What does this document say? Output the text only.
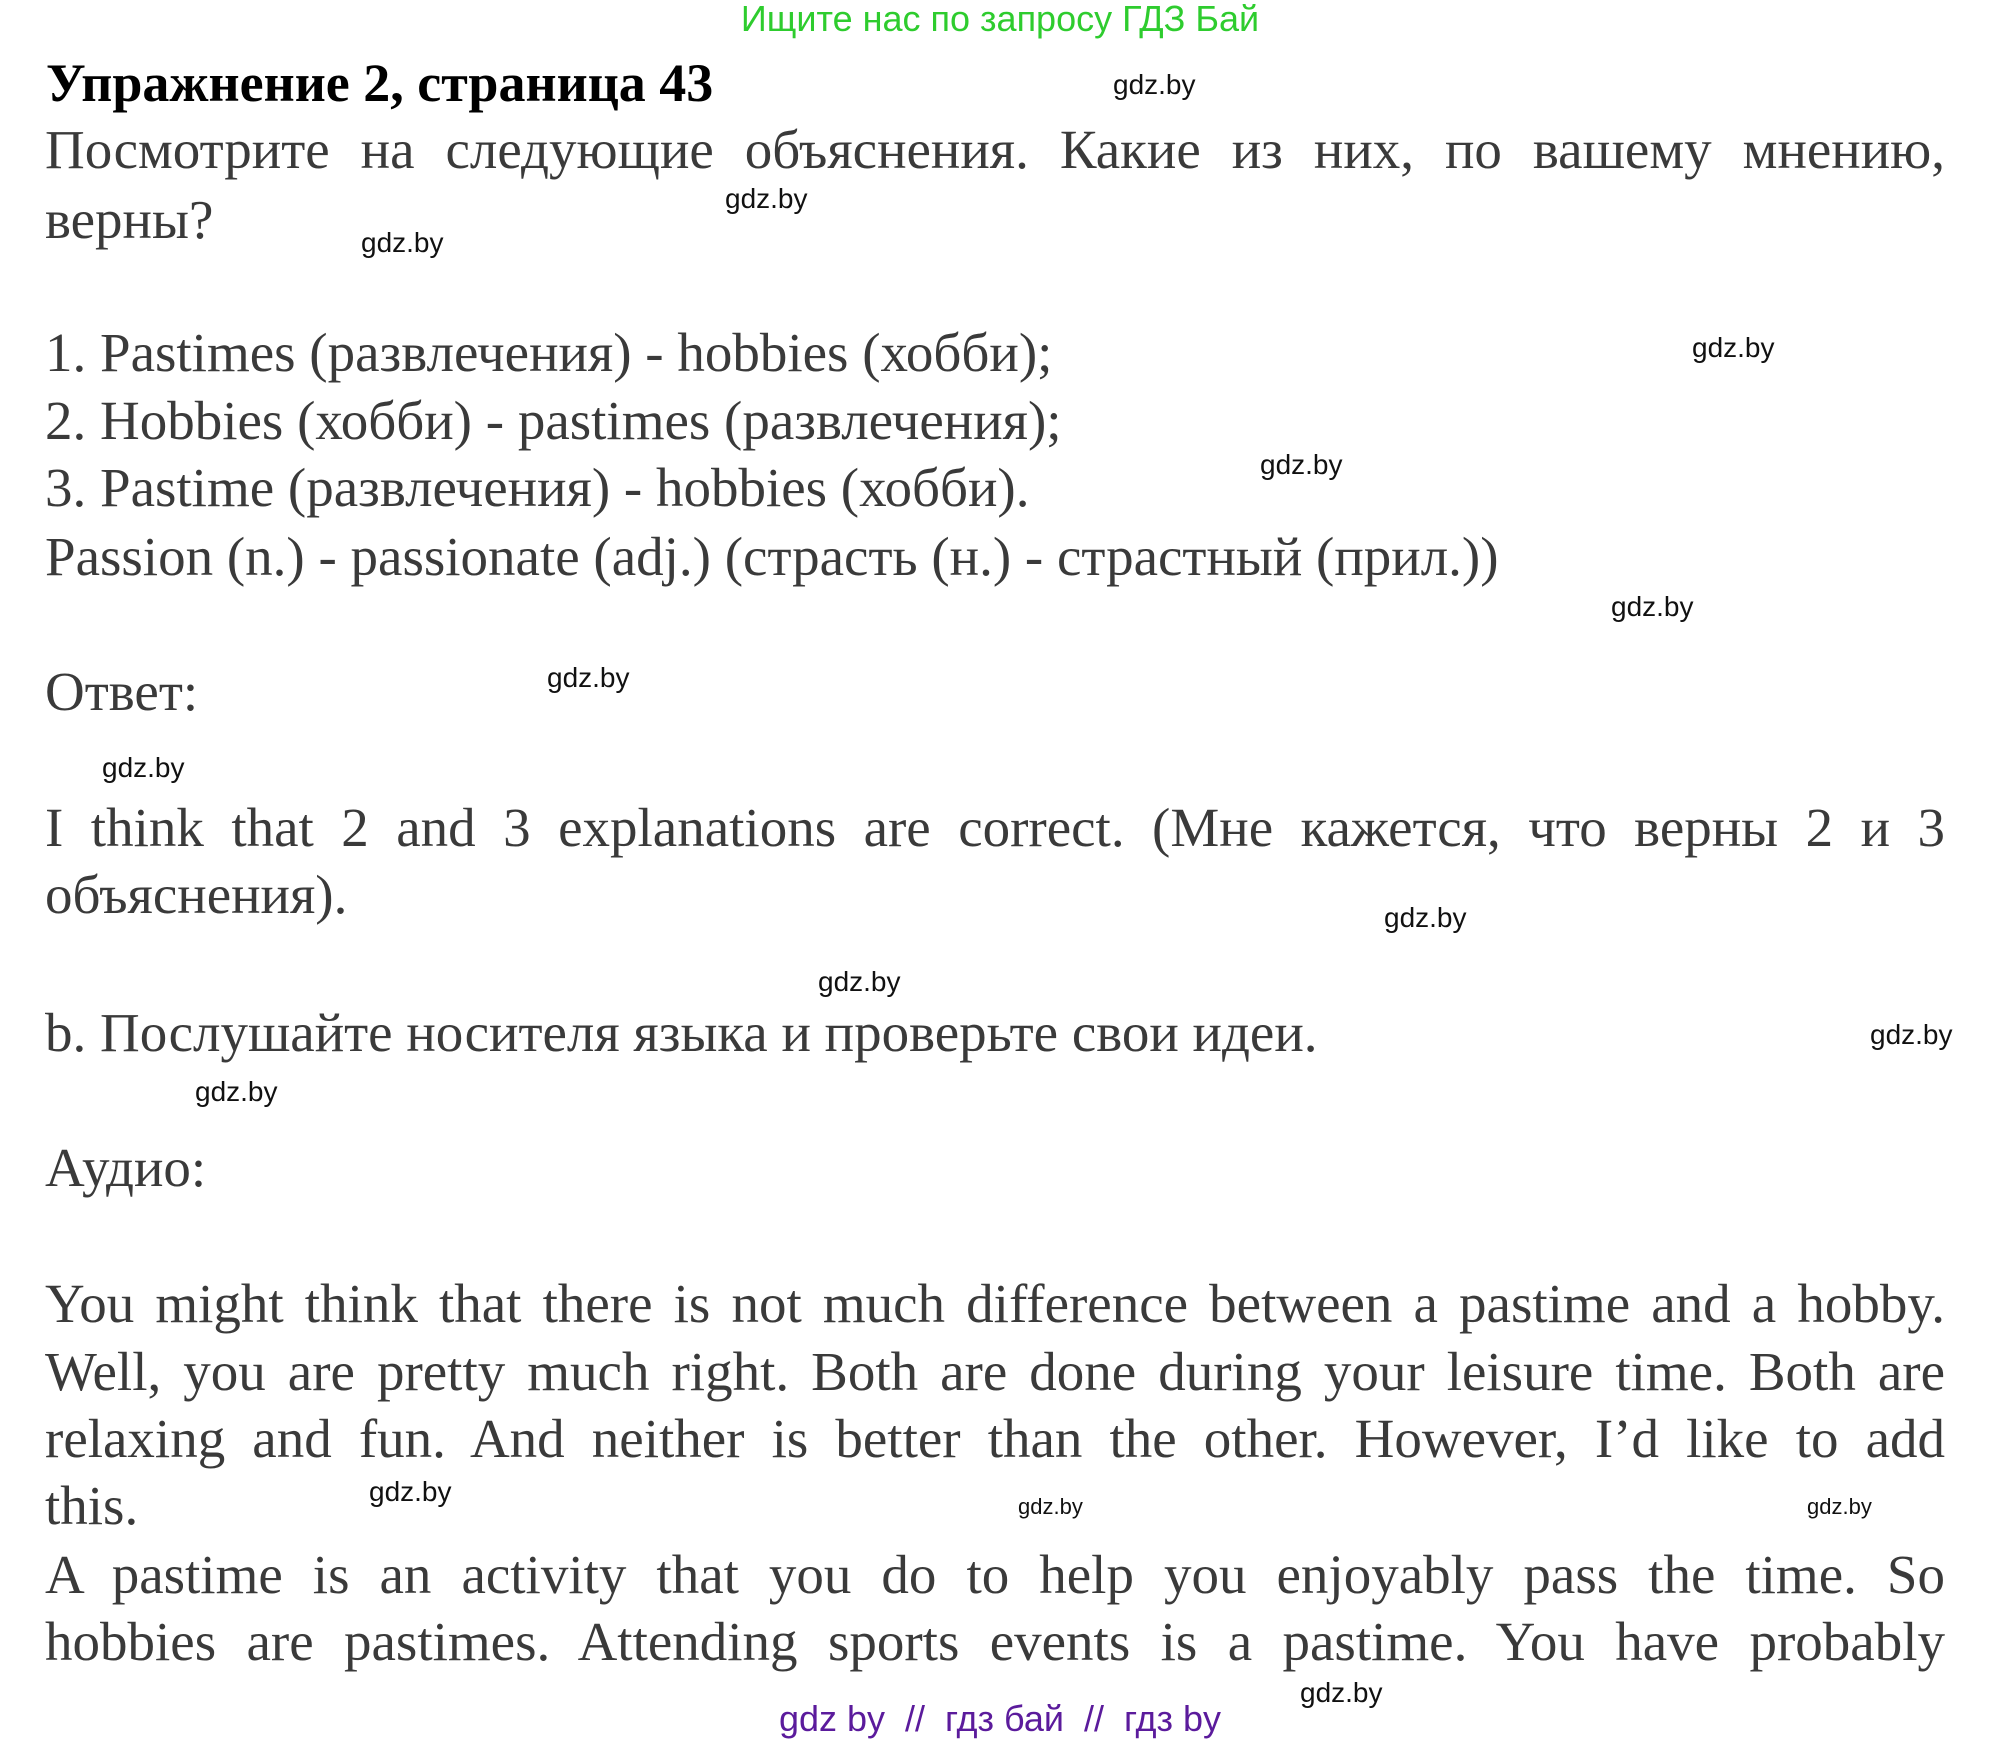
Ищите нас по запросу ГДЗ Бай
Упражнение 2, страница 43
Посмотрите на следующие объяснения. Какие из них, по вашему мнению,
верны?
1. Pastimes (развлечения) - hobbies (хобби);
2. Hobbies (хобби) - pastimes (развлечения);
3. Pastime (развлечения) - hobbies (хобби).
Passion (n.) - passionate (adj.) (страсть (н.) - страстный (прил.))
Ответ:
I think that 2 and 3 explanations are correct. (Мне кажется, что верны 2 и 3
объяснения).
b. Послушайте носителя языка и проверьте свои идеи.
Аудио:
You might think that there is not much difference between a pastime and a hobby.
Well, you are pretty much right. Both are done during your leisure time. Both are
relaxing and fun. And neither is better than the other. However, I’d like to add
this.
A pastime is an activity that you do to help you enjoyably pass the time. So
hobbies are pastimes. Attending sports events is a pastime. You have probably
gdz.by
gdz.by
gdz.by
gdz.by
gdz.by
gdz.by
gdz.by
gdz.by
gdz.by
gdz.by
gdz.by
gdz.by
gdz.by
gdz.by	gdz.by
gdz.by
gdz by  //  гдз бай  //  гдз by
